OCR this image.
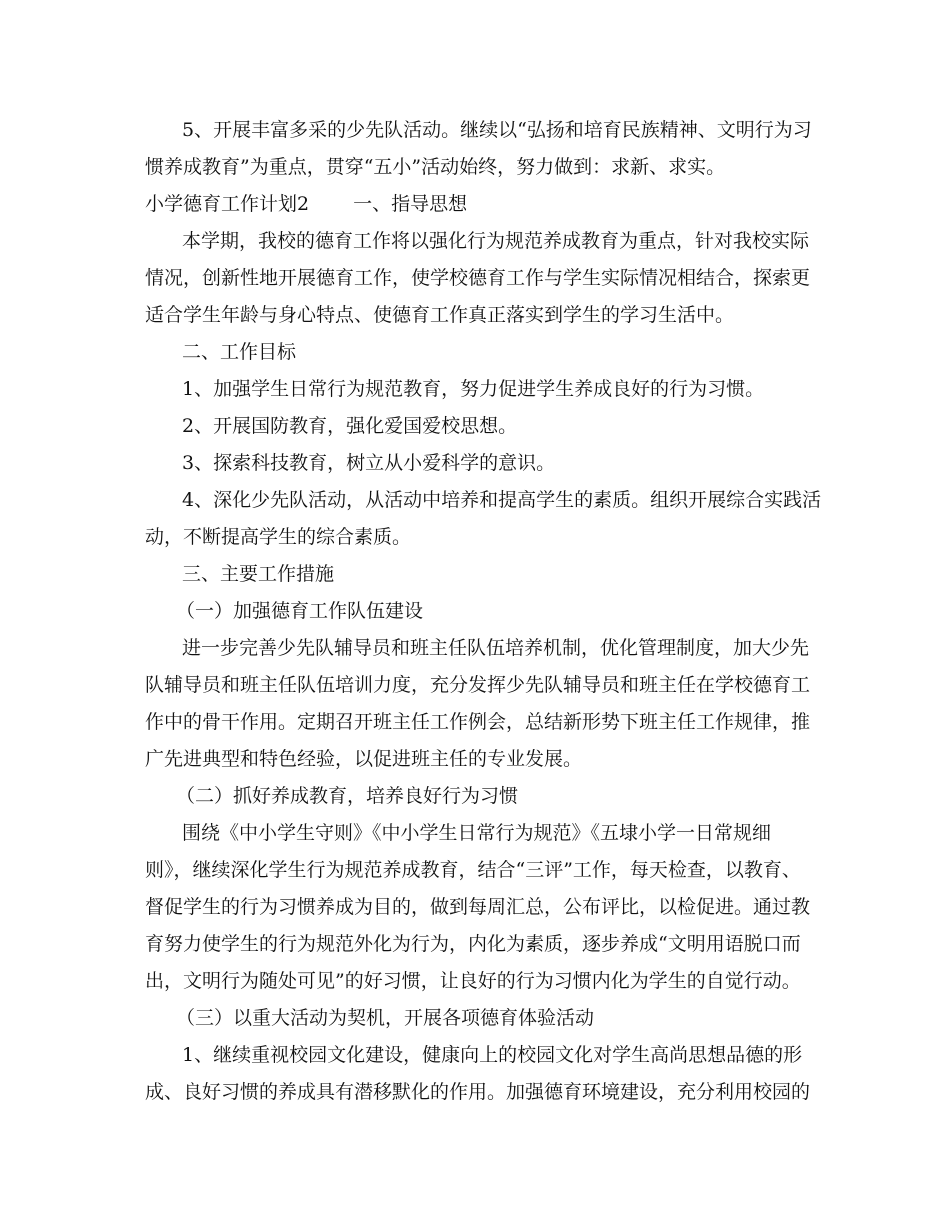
5、开展丰富多采的少先队活动。继续以“弘扬和培育民族精神、文明行为习
惯养成教育”为重点，贯穿“五小”活动始终，努力做到：求新、求实。
小学德育工作计划2 一、指导思想
本学期，我校的德育工作将以强化行为规范养成教育为重点，针对我校实际
情况，创新性地开展德育工作，使学校德育工作与学生实际情况相结合，探索更
适合学生年龄与身心特点、使德育工作真正落实到学生的学习生活中。
二、工作目标
1、加强学生日常行为规范教育，努力促进学生养成良好的行为习惯。
2、开展国防教育，强化爱国爱校思想。
3、探索科技教育，树立从小爱科学的意识。
4、深化少先队活动，从活动中培养和提高学生的素质。组织开展综合实践活
动，不断提高学生的综合素质。
三、主要工作措施
（一）加强德育工作队伍建设
进一步完善少先队辅导员和班主任队伍培养机制，优化管理制度，加大少先
队辅导员和班主任队伍培训力度，充分发挥少先队辅导员和班主任在学校德育工
作中的骨干作用。定期召开班主任工作例会，总结新形势下班主任工作规律，推
广先进典型和特色经验，以促进班主任的专业发展。
（二）抓好养成教育，培养良好行为习惯
围绕《中小学生守则》《中小学生日常行为规范》《五埭小学一日常规细
则》，继续深化学生行为规范养成教育，结合“三评”工作，每天检查，以教育、
督促学生的行为习惯养成为目的，做到每周汇总，公布评比，以检促进。通过教
育努力使学生的行为规范外化为行为，内化为素质，逐步养成“文明用语脱口而
出，文明行为随处可见”的好习惯，让良好的行为习惯内化为学生的自觉行动。
（三）以重大活动为契机，开展各项德育体验活动
1、继续重视校园文化建设，健康向上的校园文化对学生高尚思想品德的形
成、良好习惯的养成具有潜移默化的作用。加强德育环境建设，充分利用校园的
